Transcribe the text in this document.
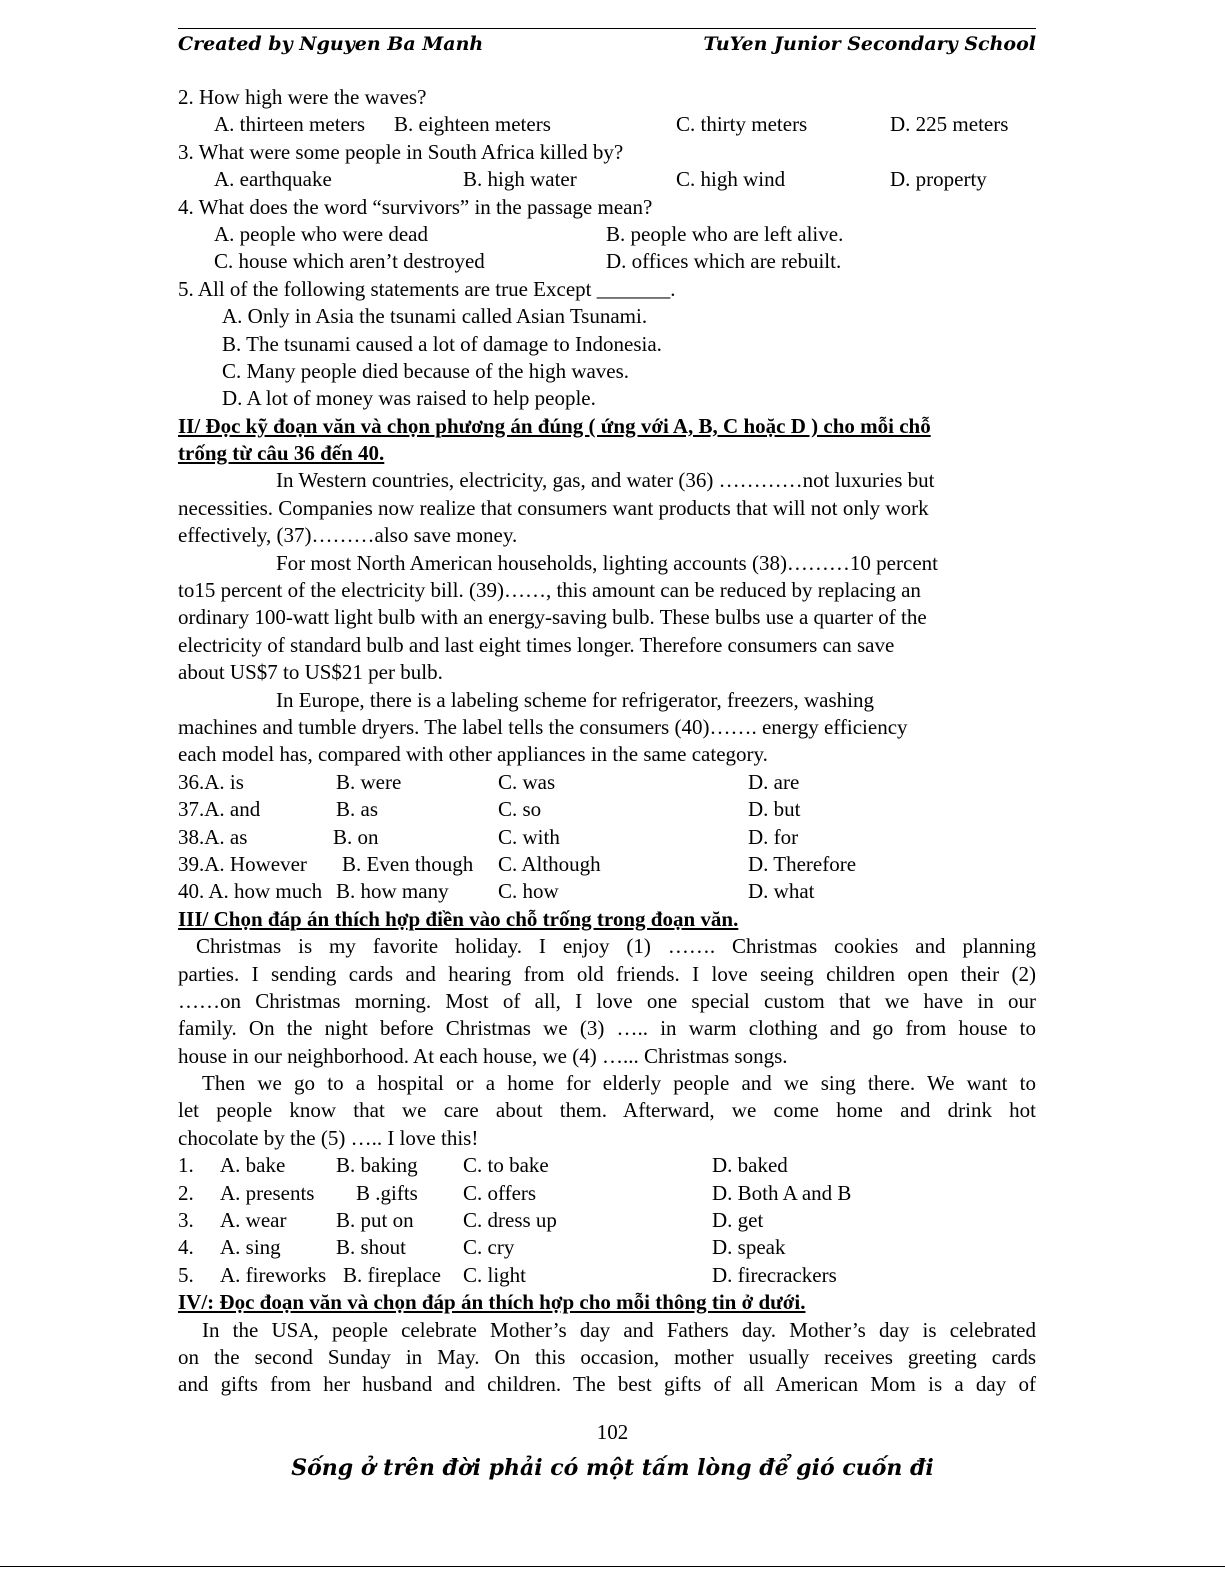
Created by Nguyen Ba Manh	TuYen Junior Secondary School
2. How high were the waves?
A. thirteen meters B. eighteen meters	C. thirty meters	D. 225 meters
3. What were some people in South Africa killed by?
A. earthquake	B. high water	C. high wind	D. property
4. What does the word “survivors” in the passage mean?
A. people who were dead	B. people who are left alive.
C. house which aren’t destroyed	D. offices which are rebuilt.
5. All of the following statements are true Except _______.
A. Only in Asia the tsunami called Asian Tsunami.
B. The tsunami caused a lot of damage to Indonesia.
C. Many people died because of the high waves.
D. A lot of money was raised to help people.
II/ Đọc kỹ đoạn văn và chọn phương án đúng ( ứng với A, B, C hoặc D ) cho mỗi chỗ
trống từ câu 36 đến 40.
In Western countries, electricity, gas, and water (36) …………not luxuries but
necessities. Companies now realize that consumers want products that will not only work
effectively, (37)………also save money.
For most North American households, lighting accounts (38)………10 percent
to15 percent of the electricity bill. (39)……, this amount can be reduced by replacing an
ordinary 100-watt light bulb with an energy-saving bulb. These bulbs use a quarter of the
electricity of standard bulb and last eight times longer. Therefore consumers can save
about US$7 to US$21 per bulb.
In Europe, there is a labeling scheme for refrigerator, freezers, washing
machines and tumble dryers. The label tells the consumers (40)……. energy efficiency
each model has, compared with other appliances in the same category.
36.A. is	B. were	C. was	D. are
37.A. and	B. as	C. so	D. but
38.A. as	B. on	C. with	D. for
39.A. However B. Even though C. Although	D. Therefore
40. A. how much B. how many C. how	D. what
III/ Chọn đáp án thích hợp điền vào chỗ trống trong đoạn văn.
Christmas is my favorite holiday. I enjoy (1) ……. Christmas cookies and planning
parties. I sending cards and hearing from old friends. I love seeing children open their (2)
……on Christmas morning. Most of all, I love one special custom that we have in our
family. On the night before Christmas we (3) ….. in warm clothing and go from house to
house in our neighborhood. At each house, we (4) …... Christmas songs.
Then we go to a hospital or a home for elderly people and we sing there. We want to
let people know that we care about them. Afterward, we come home and drink hot
chocolate by the (5) ….. I love this!
1. A. bake B. baking C. to bake	D. baked
2. A. presents B .gifts C. offers	D. Both A and B
3. A. wear B. put on C. dress up	D. get
4. A. sing	B. shout	C. cry	D. speak
5. A. fireworks B. fireplace C. light	D. firecrackers
IV/: Đọc đoạn văn và chọn đáp án thích hợp cho mỗi thông tin ở dưới.
In the USA, people celebrate Mother’s day and Fathers day. Mother’s day is celebrated
on the second Sunday in May. On this occasion, mother usually receives greeting cards
and gifts from her husband and children. The best gifts of all American Mom is a day of
102
Sống ở trên đời phải có một tấm lòng để gió cuốn đi
